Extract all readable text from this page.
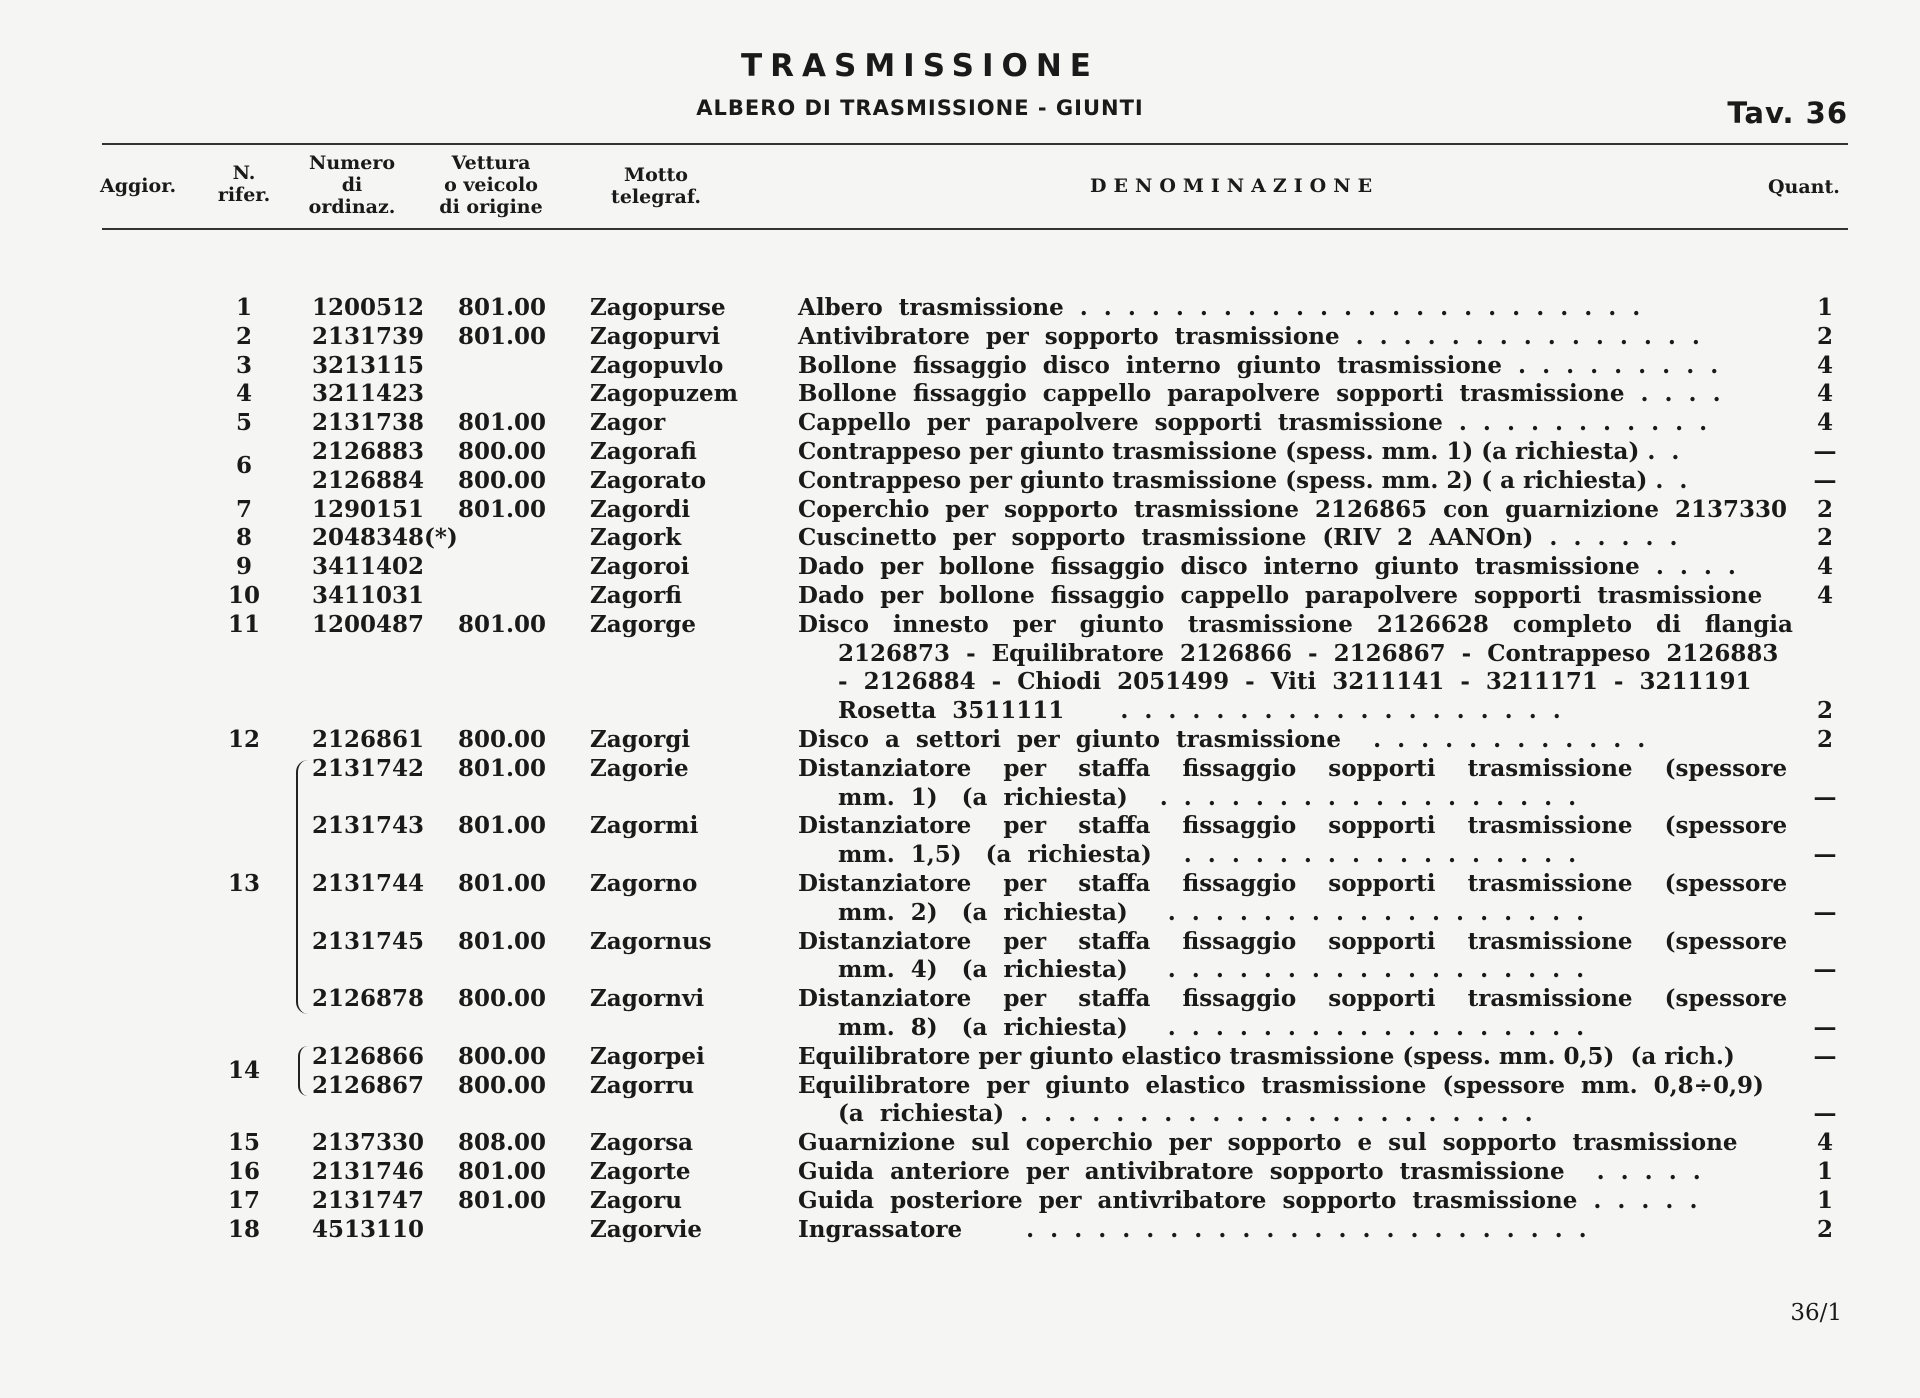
TRASMISSIONE
ALBERO DI TRASMISSIONE - GIUNTI	Tav. 36
Aggior.
N.
rifer.
Numero
di
ordinaz.
Vettura
o veicolo
di origine
Motto
telegraf.	DENOMINAZIONE	Quant.
1	1200512 801.00 Zagopurse	Albero  trasmissione  .  .  .  .  .  .  .  .  .  .  .  .  .  .  .  .  .  .  .  .  .  .  .  .	1
2	2131739 801.00 Zagopurvi	Antivibratore  per  sopporto  trasmissione  .  .  .  .  .  .  .  .  .  .  .  .  .  .  .	2
3	3213115	Zagopuvlo	Bollone  fissaggio  disco  interno  giunto  trasmissione  .  .  .  .  .  .  .  .  .	4
4	3211423	Zagopuzem	Bollone  fissaggio  cappello  parapolvere  sopporti  trasmissione  .  .  .  .	4
5	2131738 801.00 Zagor	Cappello  per  parapolvere  sopporti  trasmissione  .  .  .  .  .  .  .  .  .  .  .	4
6
2126883 800.00 Zagorafi	Contrappeso per giunto trasmissione (spess. mm. 1) (a richiesta) .  .	—
2126884 800.00 Zagorato	Contrappeso per giunto trasmissione (spess. mm. 2) ( a richiesta) .  .	—
7	1290151 801.00 Zagordi	Coperchio  per  sopporto  trasmissione  2126865  con  guarnizione  2137330	2
8	2048348(*)	Zagork	Cuscinetto  per  sopporto  trasmissione  (RIV  2  AANOn)  .  .  .  .  .  .	2
9	3411402	Zagoroi	Dado  per  bollone  fissaggio  disco  interno  giunto  trasmissione  .  .  .  .	4
10	3411031	Zagorfi	Dado  per  bollone  fissaggio  cappello  parapolvere  sopporti  trasmissione	4
11	1200487 801.00 Zagorge	Disco   innesto   per   giunto   trasmissione   2126628   completo   di   flangia
2126873  -  Equilibratore  2126866  -  2126867  -  Contrappeso  2126883
-  2126884  -  Chiodi  2051499  -  Viti  3211141  -  3211171  -  3211191
Rosetta  3511111       .  .  .  .  .  .  .  .  .  .  .  .  .  .  .  .  .  .  .	2
12	2126861 800.00 Zagorgi	Disco  a  settori  per  giunto  trasmissione    .  .  .  .  .  .  .  .  .  .  .  .	2
2131742 801.00 Zagorie	Distanziatore    per    staffa    fissaggio    sopporti    trasmissione    (spessore
mm.  1)   (a  richiesta)    .  .  .  .  .  .  .  .  .  .  .  .  .  .  .  .  .  .	—
2131743 801.00 Zagormi	Distanziatore    per    staffa    fissaggio    sopporti    trasmissione    (spessore
mm.  1,5)   (a  richiesta)    .  .  .  .  .  .  .  .  .  .  .  .  .  .  .  .  .	—
13	2131744 801.00 Zagorno	Distanziatore    per    staffa    fissaggio    sopporti    trasmissione    (spessore
mm.  2)   (a  richiesta)     .  .  .  .  .  .  .  .  .  .  .  .  .  .  .  .  .  .	—
2131745 801.00 Zagornus	Distanziatore    per    staffa    fissaggio    sopporti    trasmissione    (spessore
mm.  4)   (a  richiesta)     .  .  .  .  .  .  .  .  .  .  .  .  .  .  .  .  .  .	—
2126878 800.00 Zagornvi	Distanziatore    per    staffa    fissaggio    sopporti    trasmissione    (spessore
mm.  8)   (a  richiesta)     .  .  .  .  .  .  .  .  .  .  .  .  .  .  .  .  .  .	—
14
2126866 800.00 Zagorpei	Equilibratore per giunto elastico trasmissione (spess. mm. 0,5)  (a rich.)	—
2126867 800.00 Zagorru	Equilibratore  per  giunto  elastico  trasmissione  (spessore  mm.  0,8÷0,9)
(a  richiesta)  .  .  .  .  .  .  .  .  .  .  .  .  .  .  .  .  .  .  .  .  .  .	—
15	2137330 808.00 Zagorsa	Guarnizione  sul  coperchio  per  sopporto  e  sul  sopporto  trasmissione	4
16	2131746 801.00 Zagorte	Guida  anteriore  per  antivibratore  sopporto  trasmissione    .  .  .  .  .	1
17	2131747 801.00 Zagoru	Guida  posteriore  per  antivribatore  sopporto  trasmissione  .  .  .  .  .	1
18	4513110	Zagorvie	Ingrassatore        .  .  .  .  .  .  .  .  .  .  .  .  .  .  .  .  .  .  .  .  .  .  .  .	2
36/1
